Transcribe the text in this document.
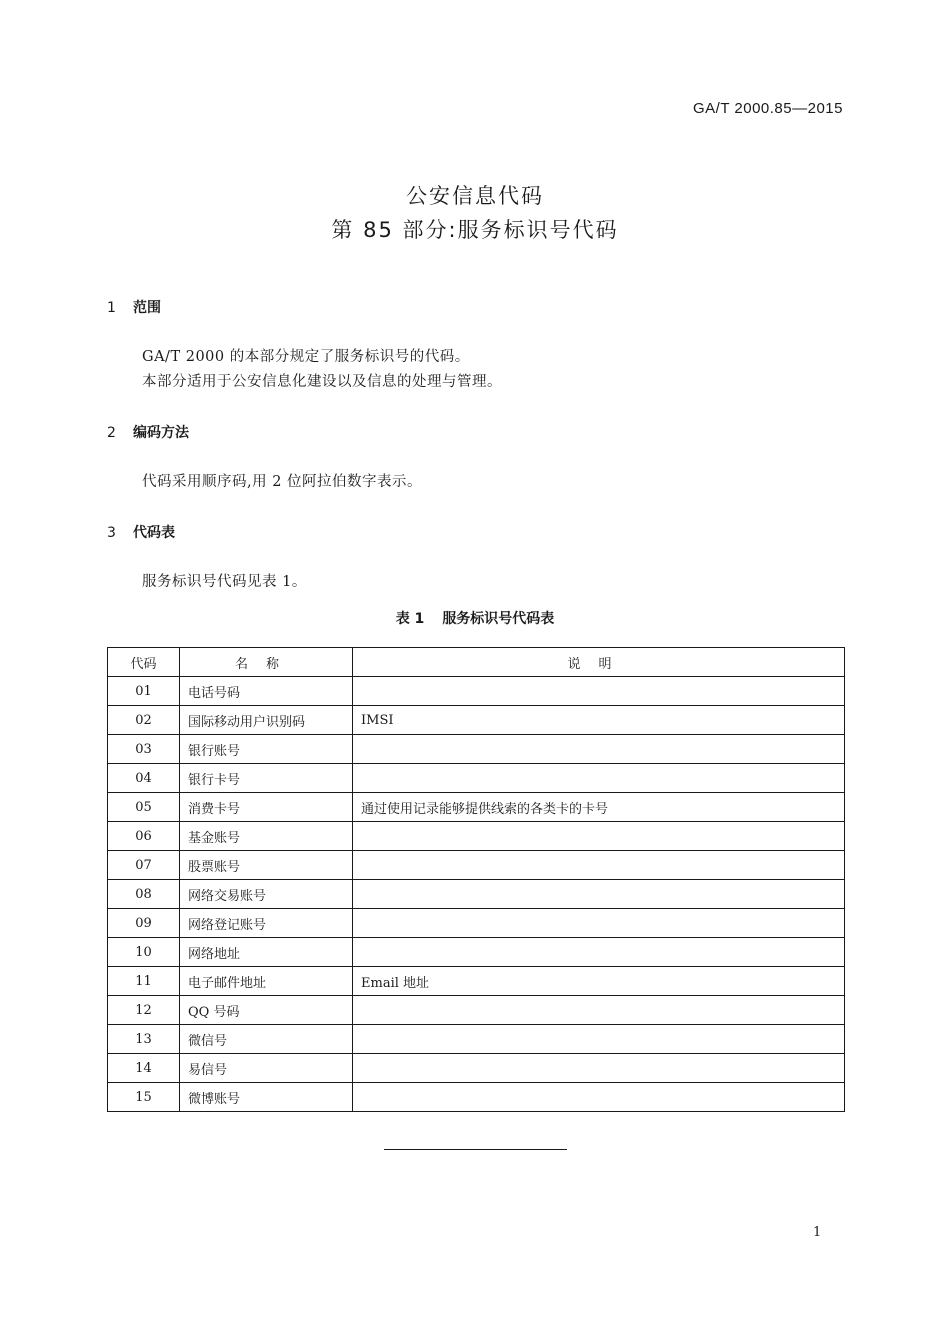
GA/T 2000.85—2015
公安信息代码
第 85 部分:服务标识号代码
1 范围
GA/T 2000 的本部分规定了服务标识号的代码。
本部分适用于公安信息化建设以及信息的处理与管理。
2 编码方法
代码采用顺序码,用 2 位阿拉伯数字表示。
3 代码表
服务标识号代码见表 1。
表 1 服务标识号代码表
代码	名称	说明
01	电话号码	
02	国际移动用户识别码	IMSI
03	银行账号	
04	银行卡号	
05	消费卡号	通过使用记录能够提供线索的各类卡的卡号
06	基金账号	
07	股票账号	
08	网络交易账号	
09	网络登记账号	
10	网络地址	
11	电子邮件地址	Email 地址
12	QQ 号码	
13	微信号	
14	易信号	
15	微博账号	
1
